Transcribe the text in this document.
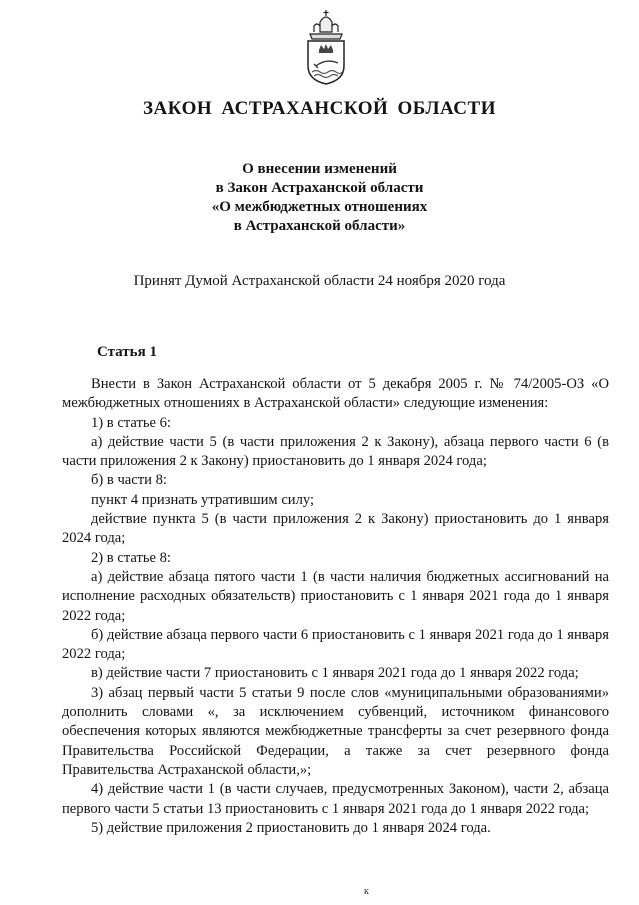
ЗАКОН АСТРАХАНСКОЙ ОБЛАСТИ
О внесении изменений
в Закон Астраханской области
«О межбюджетных отношениях
в Астраханской области»
Принят Думой Астраханской области 24 ноября 2020 года
Статья 1

Внести в Закон Астраханской области от 5 декабря 2005 г. № 74/2005-ОЗ «О межбюджетных отношениях в Астраханской области» следующие изменения:

1) в статье 6:

а) действие части 5 (в части приложения 2 к Закону), абзаца первого части 6 (в части приложения 2 к Закону) приостановить до 1 января 2024 года;

б) в части 8:

пункт 4 признать утратившим силу;

действие пункта 5 (в части приложения 2 к Закону) приостановить до 1 января 2024 года;

2) в статье 8:

а) действие абзаца пятого части 1 (в части наличия бюджетных ассигнований на исполнение расходных обязательств) приостановить с 1 января 2021 года до 1 января 2022 года;

б) действие абзаца первого части 6 приостановить с 1 января 2021 года до 1 января 2022 года;

в) действие части 7 приостановить с 1 января 2021 года до 1 января 2022 года;

3) абзац первый части 5 статьи 9 после слов «муниципальными образованиями» дополнить словами «, за исключением субвенций, источником финансового обеспечения которых являются межбюджетные трансферты за счет резервного фонда Правительства Российской Федерации, а также за счет резервного фонда Правительства Астраханской области,»;

4) действие части 1 (в части случаев, предусмотренных Законом), части 2, абзаца первого части 5 статьи 13 приостановить с 1 января 2021 года до 1 января 2022 года;

5) действие приложения 2 приостановить до 1 января 2024 года.

к
